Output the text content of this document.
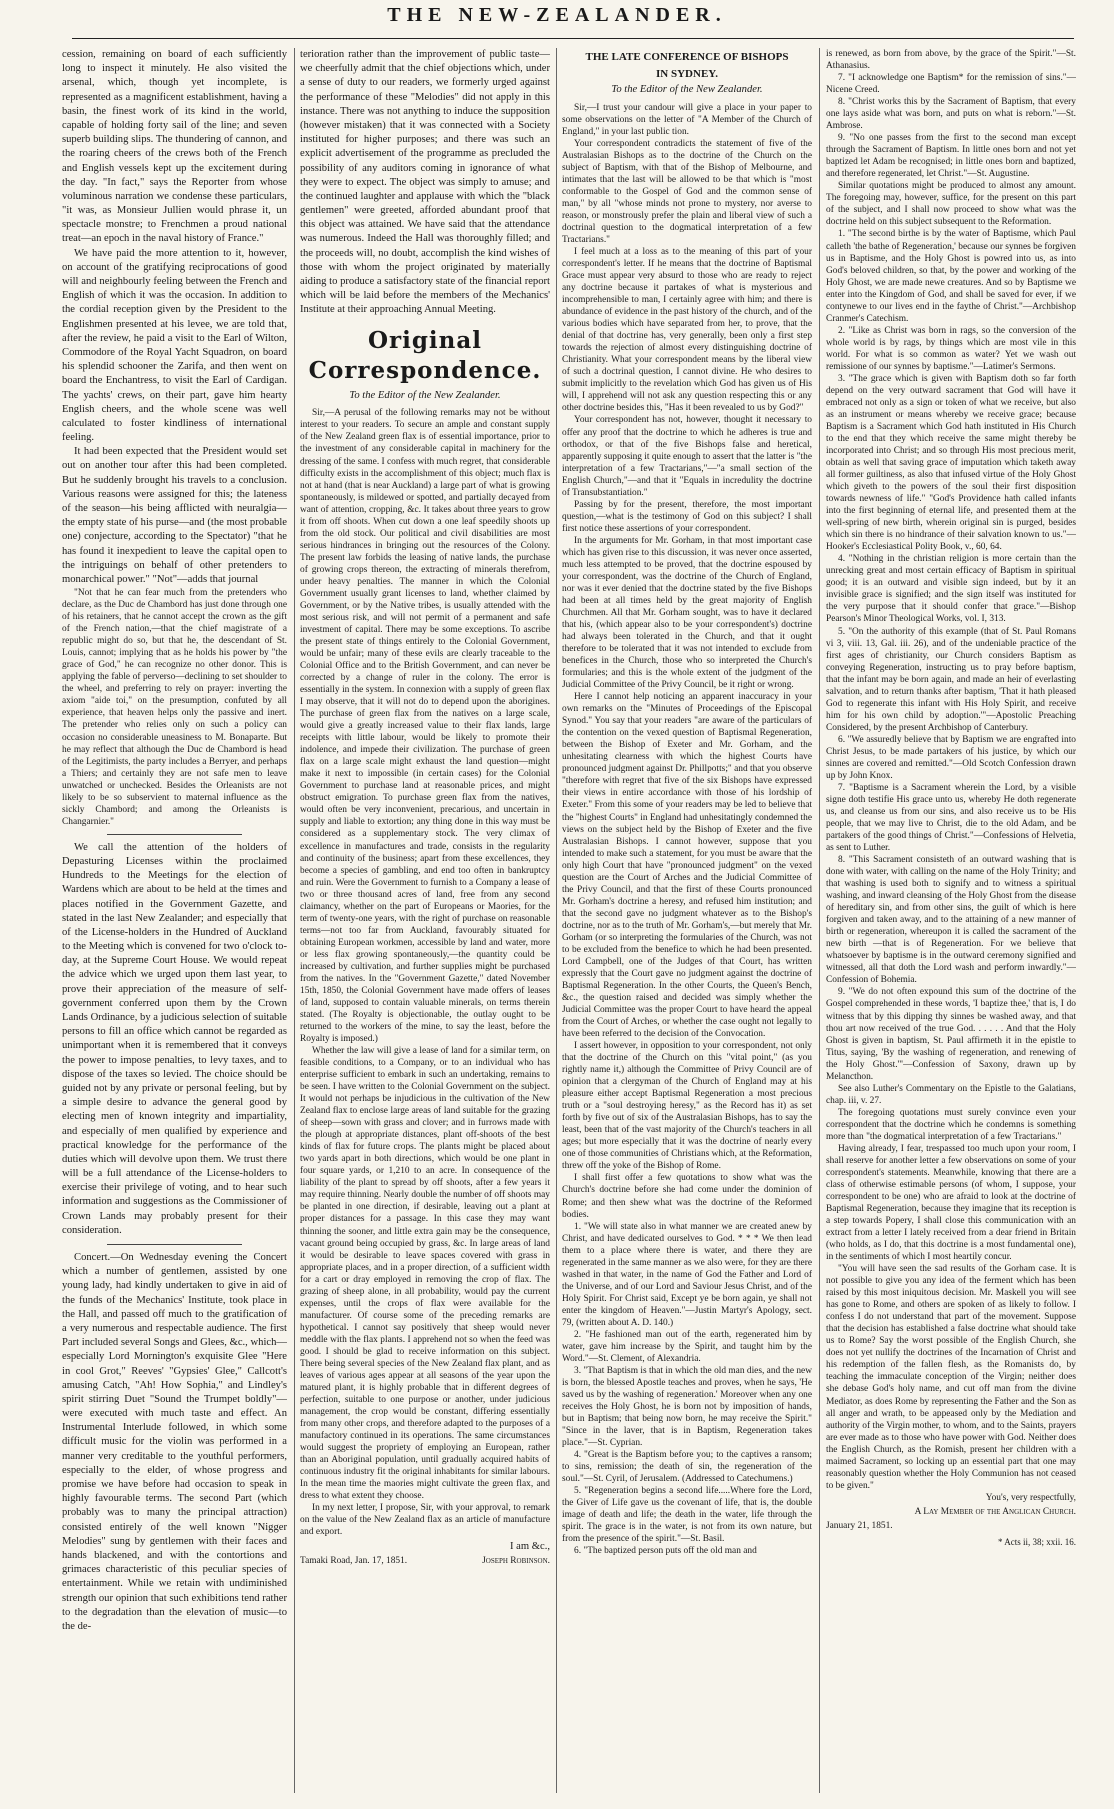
THE NEW-ZEALANDER.

cession, remaining on board of each sufficiently long to inspect it minutely. He also visited the arsenal, which, though yet incomplete, is represented as a magnificent establishment, having a basin, the finest work of its kind in the world, capable of holding forty sail of the line; and seven superb building slips. The thundering of cannon, and the roaring cheers of the crews both of the French and English vessels kept up the excitement during the day. "In fact," says the Reporter from whose voluminous narration we condense these particulars, "it was, as Monsieur Jullien would phrase it, un spectacle monstre; to Frenchmen a proud national treat—an epoch in the naval history of France."

We have paid the more attention to it, however, on account of the gratifying reciprocations of good will and neighbourly feeling between the French and English of which it was the occasion. In addition to the cordial reception given by the President to the Englishmen presented at his levee, we are told that, after the review, he paid a visit to the Earl of Wilton, Commodore of the Royal Yacht Squadron, on board his splendid schooner the Zarifa, and then went on board the Enchantress, to visit the Earl of Cardigan. The yachts' crews, on their part, gave him hearty English cheers, and the whole scene was well calculated to foster kindliness of international feeling.

It had been expected that the President would set out on another tour after this had been completed. But he suddenly brought his travels to a conclusion. Various reasons were assigned for this; the lateness of the season—his being afflicted with neuralgia—the empty state of his purse—and (the most probable one) conjecture, according to the Spectator) "that he has found it inexpedient to leave the capital open to the intriguings on behalf of other pretenders to monarchical power." "Not"—adds that journal

"Not that he can fear much from the pretenders who declare, as the Duc de Chambord has just done through one of his retainers, that he cannot accept the crown as the gift of the French nation,—that the chief magistrate of a republic might do so, but that he, the descendant of St. Louis, cannot; implying that as he holds his power by "the grace of God," he can recognize no other donor. This is applying the fable of perverso—declining to set shoulder to the wheel, and preferring to rely on prayer: inverting the axiom "aide toi," on the presumption, confuted by all experience, that heaven helps only the passive and inert. The pretender who relies only on such a policy can occasion no considerable uneasiness to M. Bonaparte. But he may reflect that although the Duc de Chambord is head of the Legitimists, the party includes a Berryer, and perhaps a Thiers; and certainly they are not safe men to leave unwatched or unchecked. Besides the Orleanists are not likely to be so subservient to maternal influence as the sickly Chambord; and among the Orleanists is Changarnier."

We call the attention of the holders of Depasturing Licenses within the proclaimed Hundreds to the Meetings for the election of Wardens which are about to be held at the times and places notified in the Government Gazette, and stated in the last New Zealander; and especially that of the License-holders in the Hundred of Auckland to the Meeting which is convened for two o'clock to-day, at the Supreme Court House. We would repeat the advice which we urged upon them last year, to prove their appreciation of the measure of self-government conferred upon them by the Crown Lands Ordinance, by a judicious selection of suitable persons to fill an office which cannot be regarded as unimportant when it is remembered that it conveys the power to impose penalties, to levy taxes, and to dispose of the taxes so levied. The choice should be guided not by any private or personal feeling, but by a simple desire to advance the general good by electing men of known integrity and impartiality, and especially of men qualified by experience and practical knowledge for the performance of the duties which will devolve upon them. We trust there will be a full attendance of the License-holders to exercise their privilege of voting, and to hear such information and suggestions as the Commissioner of Crown Lands may probably present for their consideration.

Concert.—On Wednesday evening the Concert which a number of gentlemen, assisted by one young lady, had kindly undertaken to give in aid of the funds of the Mechanics' Institute, took place in the Hall, and passed off much to the gratification of a very numerous and respectable audience. The first Part included several Songs and Glees, &c., which—especially Lord Mornington's exquisite Glee "Here in cool Grot," Reeves' "Gypsies' Glee," Callcott's amusing Catch, "Ah! How Sophia," and Lindley's spirit stirring Duet "Sound the Trumpet boldly"—were executed with much taste and effect. An Instrumental Interlude followed, in which some difficult music for the violin was performed in a manner very creditable to the youthful performers, especially to the elder, of whose progress and promise we have before had occasion to speak in highly favourable terms. The second Part (which probably was to many the principal attraction) consisted entirely of the well known "Nigger Melodies" sung by gentlemen with their faces and hands blackened, and with the contortions and grimaces characteristic of this peculiar species of entertainment. While we retain with undiminished strength our opinion that such exhibitions tend rather to the degradation than the elevation of music—to the de-

terioration rather than the improvement of public taste—we cheerfully admit that the chief objections which, under a sense of duty to our readers, we formerly urged against the performance of these "Melodies" did not apply in this instance. There was not anything to induce the supposition (however mistaken) that it was connected with a Society instituted for higher purposes; and there was such an explicit advertisement of the programme as precluded the possibility of any auditors coming in ignorance of what they were to expect. The object was simply to amuse; and the continued laughter and applause with which the "black gentlemen" were greeted, afforded abundant proof that this object was attained. We have said that the attendance was numerous. Indeed the Hall was thoroughly filled; and the proceeds will, no doubt, accomplish the kind wishes of those with whom the project originated by materially aiding to produce a satisfactory state of the financial report which will be laid before the members of the Mechanics' Institute at their approaching Annual Meeting.

Original Correspondence.
To the Editor of the New Zealander.

Sir,—A perusal of the following remarks may not be without interest to your readers. To secure an ample and constant supply of the New Zealand green flax is of essential importance, prior to the investment of any considerable capital in machinery for the dressing of the same. I confess with much regret, that considerable difficulty exists in the accomplishment of this object; much flax is not at hand (that is near Auckland) a large part of what is growing spontaneously, is mildewed or spotted, and partially decayed from want of attention, cropping, &c. It takes about three years to grow it from off shoots. When cut down a one leaf speedily shoots up from the old stock. Our political and civil disabilities are most serious hindrances in bringing out the resources of the Colony. The present law forbids the leasing of native lands, the purchase of growing crops thereon, the extracting of minerals therefrom, under heavy penalties. The manner in which the Colonial Government usually grant licenses to land, whether claimed by Government, or by the Native tribes, is usually attended with the most serious risk, and will not permit of a permanent and safe investment of capital. There may be some exceptions. To ascribe the present state of things entirely to the Colonial Government, would be unfair; many of these evils are clearly traceable to the Colonial Office and to the British Government, and can never be corrected by a change of ruler in the colony. The error is essentially in the system. In connexion with a supply of green flax I may observe, that it will not do to depend upon the aborigines. The purchase of green flax from the natives on a large scale, would give a greatly increased value to their flax lands, large receipts with little labour, would be likely to promote their indolence, and impede their civilization. The purchase of green flax on a large scale might exhaust the land question—might make it next to impossible (in certain cases) for the Colonial Government to purchase land at reasonable prices, and might obstruct emigration. To purchase green flax from the natives, would often be very inconvenient, precarious, and uncertain in supply and liable to extortion; any thing done in this way must be considered as a supplementary stock. The very climax of excellence in manufactures and trade, consists in the regularity and continuity of the business; apart from these excellences, they become a species of gambling, and end too often in bankruptcy and ruin. Were the Government to furnish to a Company a lease of two or three thousand acres of land, free from any second claimancy, whether on the part of Europeans or Maories, for the term of twenty-one years, with the right of purchase on reasonable terms—not too far from Auckland, favourably situated for obtaining European workmen, accessible by land and water, more or less flax growing spontaneously,—the quantity could be increased by cultivation, and further supplies might be purchased from the natives. In the "Government Gazette," dated November 15th, 1850, the Colonial Government have made offers of leases of land, supposed to contain valuable minerals, on terms therein stated. (The Royalty is objectionable, the outlay ought to be returned to the workers of the mine, to say the least, before the Royalty is imposed.)

Whether the law will give a lease of land for a similar term, on feasible conditions, to a Company, or to an individual who has enterprise sufficient to embark in such an undertaking, remains to be seen. I have written to the Colonial Government on the subject. It would not perhaps be injudicious in the cultivation of the New Zealand flax to enclose large areas of land suitable for the grazing of sheep—sown with grass and clover; and in furrows made with the plough at appropriate distances, plant off-shoots of the best kinds of flax for future crops. The plants might be placed about two yards apart in both directions, which would be one plant in four square yards, or 1,210 to an acre. In consequence of the liability of the plant to spread by off shoots, after a few years it may require thinning. Nearly double the number of off shoots may be planted in one direction, if desirable, leaving out a plant at proper distances for a passage. In this case they may want thinning the sooner, and little extra gain may be the consequence, vacant ground being occupied by grass, &c. In large areas of land it would be desirable to leave spaces covered with grass in appropriate places, and in a proper direction, of a sufficient width for a cart or dray employed in removing the crop of flax. The grazing of sheep alone, in all probability, would pay the current expenses, until the crops of flax were available for the manufacturer. Of course some of the preceding remarks are hypothetical. I cannot say positively that sheep would never meddle with the flax plants. I apprehend not so when the feed was good. I should be glad to receive information on this subject. There being several species of the New Zealand flax plant, and as leaves of various ages appear at all seasons of the year upon the matured plant, it is highly probable that in different degrees of perfection, suitable to one purpose or another, under judicious management, the crop would be constant, differing essentially from many other crops, and therefore adapted to the purposes of a manufactory continued in its operations. The same circumstances would suggest the propriety of employing an European, rather than an Aboriginal population, until gradually acquired habits of continuous industry fit the original inhabitants for similar labours. In the mean time the maories might cultivate the green flax, and dress to what extent they choose.

In my next letter, I propose, Sir, with your approval, to remark on the value of the New Zealand flax as an article of manufacture and export.

I am &c.,
Tamaki Road, Jan. 17, 1851.	Joseph Robinson.
THE LATE CONFERENCE OF BISHOPS
IN SYDNEY.
To the Editor of the New Zealander.

Sir,—I trust your candour will give a place in your paper to some observations on the letter of "A Member of the Church of England," in your last public tion.

Your correspondent contradicts the statement of five of the Australasian Bishops as to the doctrine of the Church on the subject of Baptism, with that of the Bishop of Melbourne, and intimates that the last will be allowed to be that which is "most conformable to the Gospel of God and the common sense of man," by all "whose minds not prone to mystery, nor averse to reason, or monstrously prefer the plain and liberal view of such a doctrinal question to the dogmatical interpretation of a few Tractarians."

I feel much at a loss as to the meaning of this part of your correspondent's letter. If he means that the doctrine of Baptismal Grace must appear very absurd to those who are ready to reject any doctrine because it partakes of what is mysterious and incomprehensible to man, I certainly agree with him; and there is abundance of evidence in the past history of the church, and of the various bodies which have separated from her, to prove, that the denial of that doctrine has, very generally, been only a first step towards the rejection of almost every distinguishing doctrine of Christianity. What your correspondent means by the liberal view of such a doctrinal question, I cannot divine. He who desires to submit implicitly to the revelation which God has given us of His will, I apprehend will not ask any question respecting this or any other doctrine besides this, "Has it been revealed to us by God?"

Your correspondent has not, however, thought it necessary to offer any proof that the doctrine to which he adheres is true and orthodox, or that of the five Bishops false and heretical, apparently supposing it quite enough to assert that the latter is "the interpretation of a few Tractarians,"—"a small section of the English Church,"—and that it "Equals in incredulity the doctrine of Transubstantiation."

Passing by for the present, therefore, the most important question,—what is the testimony of God on this subject? I shall first notice these assertions of your correspondent.

In the arguments for Mr. Gorham, in that most important case which has given rise to this discussion, it was never once asserted, much less attempted to be proved, that the doctrine espoused by your correspondent, was the doctrine of the Church of England, nor was it ever denied that the doctrine stated by the five Bishops had been at all times held by the great majority of English Churchmen. All that Mr. Gorham sought, was to have it declared that his, (which appear also to be your correspondent's) doctrine had always been tolerated in the Church, and that it ought therefore to be tolerated that it was not intended to exclude from benefices in the Church, those who so interpreted the Church's formularies; and this is the whole extent of the judgment of the Judicial Committee of the Privy Council, be it right or wrong.

Here I cannot help noticing an apparent inaccuracy in your own remarks on the "Minutes of Proceedings of the Episcopal Synod." You say that your readers "are aware of the particulars of the contention on the vexed question of Baptismal Regeneration, between the Bishop of Exeter and Mr. Gorham, and the unhesitating clearness with which the highest Courts have pronounced judgment against Dr. Phillpotts;" and that you observe "therefore with regret that five of the six Bishops have expressed their views in entire accordance with those of his lordship of Exeter." From this some of your readers may be led to believe that the "highest Courts" in England had unhesitatingly condemned the views on the subject held by the Bishop of Exeter and the five Australasian Bishops. I cannot however, suppose that you intended to make such a statement, for you must be aware that the only high Court that have "pronounced judgment" on the vexed question are the Court of Arches and the Judicial Committee of the Privy Council, and that the first of these Courts pronounced Mr. Gorham's doctrine a heresy, and refused him institution; and that the second gave no judgment whatever as to the Bishop's doctrine, nor as to the truth of Mr. Gorham's,—but merely that Mr. Gorham (or so interpreting the formularies of the Church, was not to be excluded from the benefice to which he had been presented. Lord Campbell, one of the Judges of that Court, has written expressly that the Court gave no judgment against the doctrine of Baptismal Regeneration. In the other Courts, the Queen's Bench, &c., the question raised and decided was simply whether the Judicial Committee was the proper Court to have heard the appeal from the Court of Arches, or whether the case ought not legally to have been referred to the decision of the Convocation.

I assert however, in opposition to your correspondent, not only that the doctrine of the Church on this "vital point," (as you rightly name it,) although the Committee of Privy Council are of opinion that a clergyman of the Church of England may at his pleasure either accept Baptismal Regeneration a most precious truth or a "soul destroying heresy," as the Record has it) as set forth by five out of six of the Australasian Bishops, has to say the least, been that of the vast majority of the Church's teachers in all ages; but more especially that it was the doctrine of nearly every one of those communities of Christians which, at the Reformation, threw off the yoke of the Bishop of Rome.

I shall first offer a few quotations to show what was the Church's doctrine before she had come under the dominion of Rome; and then shew what was the doctrine of the Reformed bodies.

1. "We will state also in what manner we are created anew by Christ, and have dedicated ourselves to God. * * * We then lead them to a place where there is water, and there they are regenerated in the same manner as we also were, for they are there washed in that water, in the name of God the Father and Lord of the Universe, and of our Lord and Saviour Jesus Christ, and of the Holy Spirit. For Christ said, Except ye be born again, ye shall not enter the kingdom of Heaven."—Justin Martyr's Apology, sect. 79, (written about A. D. 140.)

2. "He fashioned man out of the earth, regenerated him by water, gave him increase by the Spirit, and taught him by the Word."—St. Clement, of Alexandria.

3. "That Baptism is that in which the old man dies, and the new is born, the blessed Apostle teaches and proves, when he says, 'He saved us by the washing of regeneration.' Moreover when any one receives the Holy Ghost, he is born not by imposition of hands, but in Baptism; that being now born, he may receive the Spirit." "Since in the laver, that is in Baptism, Regeneration takes place."—St. Cyprian.

4. "Great is the Baptism before you; to the captives a ransom; to sins, remission; the death of sin, the regeneration of the soul."—St. Cyril, of Jerusalem. (Addressed to Catechumens.)

5. "Regeneration begins a second life.....Where fore the Lord, the Giver of Life gave us the covenant of life, that is, the double image of death and life; the death in the water, life through the spirit. The grace is in the water, is not from its own nature, but from the presence of the spirit."—St. Basil.

6. "The baptized person puts off the old man and

is renewed, as born from above, by the grace of the Spirit."—St. Athanasius.

7. "I acknowledge one Baptism* for the remission of sins."—Nicene Creed.

8. "Christ works this by the Sacrament of Baptism, that every one lays aside what was born, and puts on what is reborn."—St. Ambrose.

9. "No one passes from the first to the second man except through the Sacrament of Baptism. In little ones born and not yet baptized let Adam be recognised; in little ones born and baptized, and therefore regenerated, let Christ."—St. Augustine.

Similar quotations might be produced to almost any amount. The foregoing may, however, suffice, for the present on this part of the subject, and I shall now proceed to show what was the doctrine held on this subject subsequent to the Reformation.

1. "The second birthe is by the water of Baptisme, which Paul calleth 'the bathe of Regeneration,' because our synnes be forgiven us in Baptisme, and the Holy Ghost is powred into us, as into God's beloved children, so that, by the power and working of the Holy Ghost, we are made newe creatures. And so by Baptisme we enter into the Kingdom of God, and shall be saved for ever, if we contynewe to our lives end in the faythe of Christ."—Archbishop Cranmer's Catechism.

2. "Like as Christ was born in rags, so the conversion of the whole world is by rags, by things which are most vile in this world. For what is so common as water? Yet we wash out remissione of our synnes by baptisme."—Latimer's Sermons.

3. "The grace which is given with Baptism doth so far forth depend on the very outward sacrament that God will have it embraced not only as a sign or token of what we receive, but also as an instrument or means whereby we receive grace; because Baptism is a Sacrament which God hath instituted in His Church to the end that they which receive the same might thereby be incorporated into Christ; and so through His most precious merit, obtain as well that saving grace of imputation which taketh away all former guiltiness, as also that infused virtue of the Holy Ghost which giveth to the powers of the soul their first disposition towards newness of life." "God's Providence hath called infants into the first beginning of eternal life, and presented them at the well-spring of new birth, wherein original sin is purged, besides which sin there is no hindrance of their salvation known to us."—Hooker's Ecclesiastical Polity Book, v., 60, 64.

4. "Nothing in the christian religion is more certain than the unrecking great and most certain efficacy of Baptism in spiritual good; it is an outward and visible sign indeed, but by it an invisible grace is signified; and the sign itself was instituted for the very purpose that it should confer that grace."—Bishop Pearson's Minor Theological Works, vol. I, 313.

5. "On the authority of this example (that of St. Paul Romans vi 3, viii. 13, Gal. iii. 26), and of the undeniable practice of the first ages of christianity, our Church considers Baptism as conveying Regeneration, instructing us to pray before baptism, that the infant may be born again, and made an heir of everlasting salvation, and to return thanks after baptism, 'That it hath pleased God to regenerate this infant with His Holy Spirit, and receive him for his own child by adoption.'"—Apostolic Preaching Considered, by the present Archbishop of Canterbury.

6. "We assuredly believe that by Baptism we are engrafted into Christ Jesus, to be made partakers of his justice, by which our sinnes are covered and remitted."—Old Scotch Confession drawn up by John Knox.

7. "Baptisme is a Sacrament wherein the Lord, by a visible signe doth testifie His grace unto us, whereby He doth regenerate us, and cleanse us from our sins, and also receive us to be His people, that we may live to Christ, die to the old Adam, and be partakers of the good things of Christ."—Confessions of Helvetia, as sent to Luther.

8. "This Sacrament consisteth of an outward washing that is done with water, with calling on the name of the Holy Trinity; and that washing is used both to signify and to witness a spiritual washing, and inward cleansing of the Holy Ghost from the disease of hereditary sin, and from other sins, the guilt of which is here forgiven and taken away, and to the attaining of a new manner of birth or regeneration, whereupon it is called the sacrament of the new birth —that is of Regeneration. For we believe that whatsoever by baptisme is in the outward ceremony signified and witnessed, all that doth the Lord wash and perform inwardly."—Confession of Bohemia.

9. "We do not often expound this sum of the doctrine of the Gospel comprehended in these words, 'I baptize thee,' that is, I do witness that by this dipping thy sinnes be washed away, and that thou art now received of the true God. . . . . . And that the Holy Ghost is given in baptism, St. Paul affirmeth it in the epistle to Titus, saying, 'By the washing of regeneration, and renewing of the Holy Ghost.'"—Confession of Saxony, drawn up by Melancthon.

See also Luther's Commentary on the Epistle to the Galatians, chap. iii, v. 27.

The foregoing quotations must surely convince even your correspondent that the doctrine which he condemns is something more than "the dogmatical interpretation of a few Tractarians."

Having already, I fear, trespassed too much upon your room, I shall reserve for another letter a few observations on some of your correspondent's statements. Meanwhile, knowing that there are a class of otherwise estimable persons (of whom, I suppose, your correspondent to be one) who are afraid to look at the doctrine of Baptismal Regeneration, because they imagine that its reception is a step towards Popery, I shall close this communication with an extract from a letter I lately received from a dear friend in Britain (who holds, as I do, that this doctrine is a most fundamental one), in the sentiments of which I most heartily concur.

"You will have seen the sad results of the Gorham case. It is not possible to give you any idea of the ferment which has been raised by this most iniquitous decision. Mr. Maskell you will see has gone to Rome, and others are spoken of as likely to follow. I confess I do not understand that part of the movement. Suppose that the decision has established a false doctrine what should take us to Rome? Say the worst possible of the English Church, she does not yet nullify the doctrines of the Incarnation of Christ and his redemption of the fallen flesh, as the Romanists do, by teaching the immaculate conception of the Virgin; neither does she debase God's holy name, and cut off man from the divine Mediator, as does Rome by representing the Father and the Son as all anger and wrath, to be appeased only by the Mediation and authority of the Virgin mother, to whom, and to the Saints, prayers are ever made as to those who have power with God. Neither does the English Church, as the Romish, present her children with a maimed Sacrament, so locking up an essential part that one may reasonably question whether the Holy Communion has not ceased to be given."

You's, very respectfully,
A Lay Member of the Anglican Church.
January 21, 1851.
* Acts ii, 38; xxii. 16.
